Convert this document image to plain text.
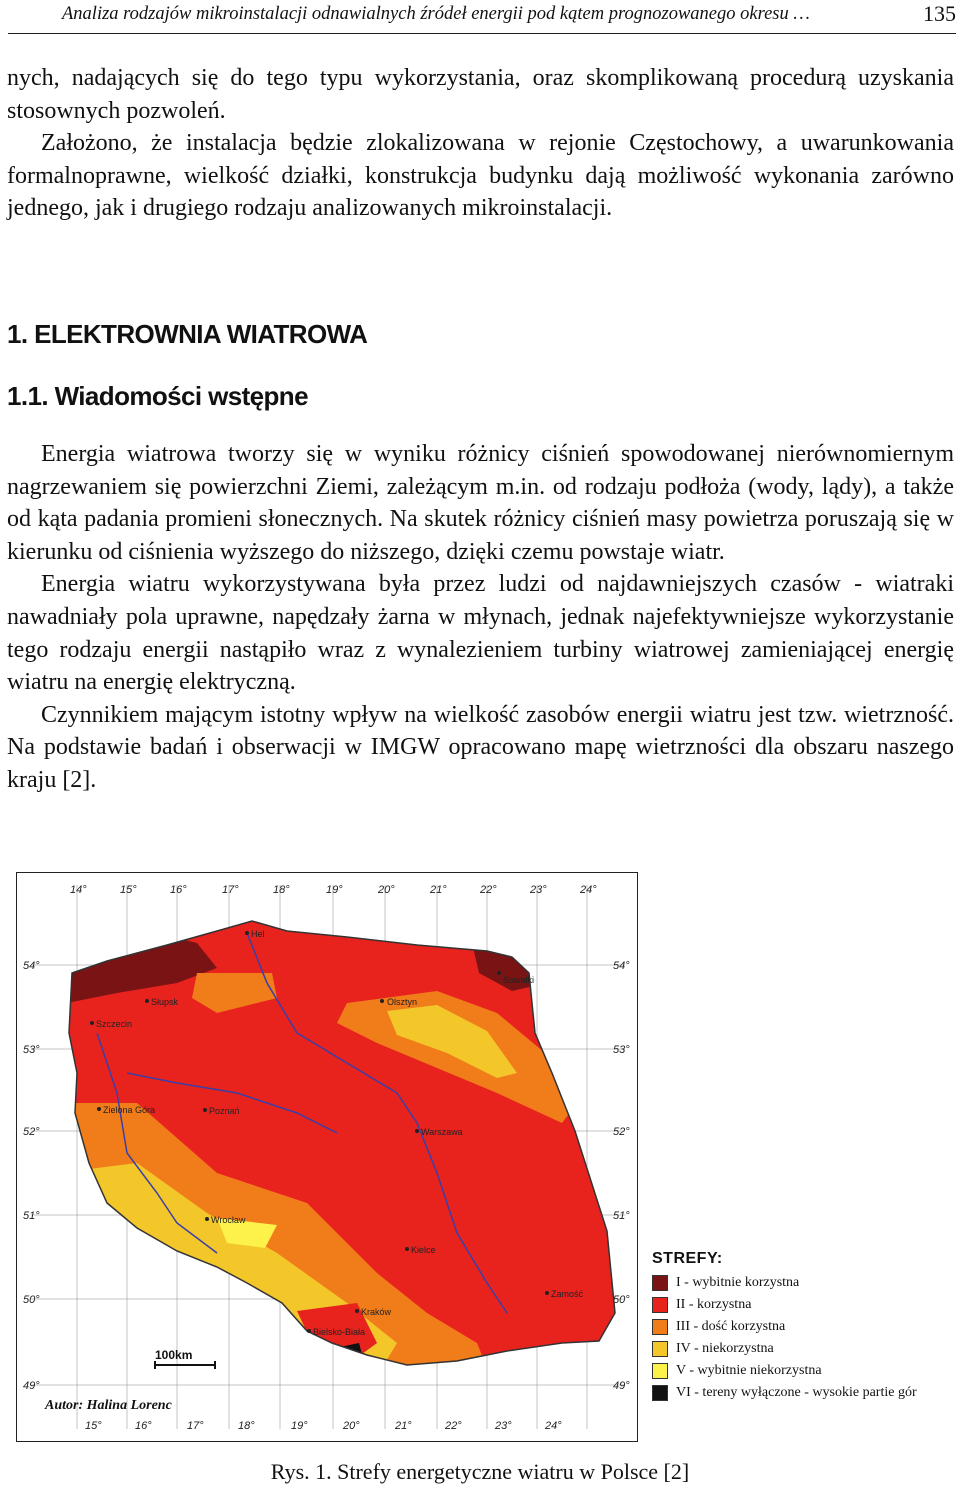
Analiza rodzajów mikroinstalacji odnawialnych źródeł energii pod kątem prognozowanego okresu …	135

nych, nadających się do tego typu wykorzystania, oraz skomplikowaną procedurą uzyskania stosownych pozwoleń.

Założono, że instalacja będzie zlokalizowana w rejonie Częstochowy, a uwarunkowania formalnoprawne, wielkość działki, konstrukcja budynku dają możliwość wykonania zarówno jednego, jak i drugiego rodzaju analizowanych mikroinstalacji.

1. ELEKTROWNIA WIATROWA
1.1. Wiadomości wstępne

Energia wiatrowa tworzy się w wyniku różnicy ciśnień spowodowanej nierównomiernym nagrzewaniem się powierzchni Ziemi, zależącym m.in. od rodzaju podłoża (wody, lądy), a także od kąta padania promieni słonecznych. Na skutek różnicy ciśnień masy powietrza poruszają się w kierunku od ciśnienia wyższego do niższego, dzięki czemu powstaje wiatr.

Energia wiatru wykorzystywana była przez ludzi od najdawniejszych czasów - wiatraki nawadniały pola uprawne, napędzały żarna w młynach, jednak najefektywniejsze wykorzystanie tego rodzaju energii nastąpiło wraz z wynalezieniem turbiny wiatrowej zamieniającej energię wiatru na energię elektryczną.

Czynnikiem mającym istotny wpływ na wielkość zasobów energii wiatru jest tzw. wietrzność. Na podstawie badań i obserwacji w IMGW opracowano mapę wietrzności dla obszaru naszego kraju [2].

14°	15°	16°	17°	18°	19°	20°	21°	22°	23°	24°
15°	16°	17°	18°	19°	20°	21°	22°	23°	24°
54°	54°
53°	53°
52°	52°
51°	51°
50°	50°
49°	49°
Hel
Suwałki
Słupsk	Olsztyn
Szczecin
Poznań
Warszawa
Zielona Góra
Wrocław
Kielce
Kraków
Zamość
Bielsko-Biała
100km
Autor: Halina Lorenc
STREFY:
I - wybitnie korzystna
II - korzystna
III - dość korzystna
IV - niekorzystna
V - wybitnie niekorzystna
VI - tereny wyłączone - wysokie partie gór
Rys. 1. Strefy energetyczne wiatru w Polsce [2]
